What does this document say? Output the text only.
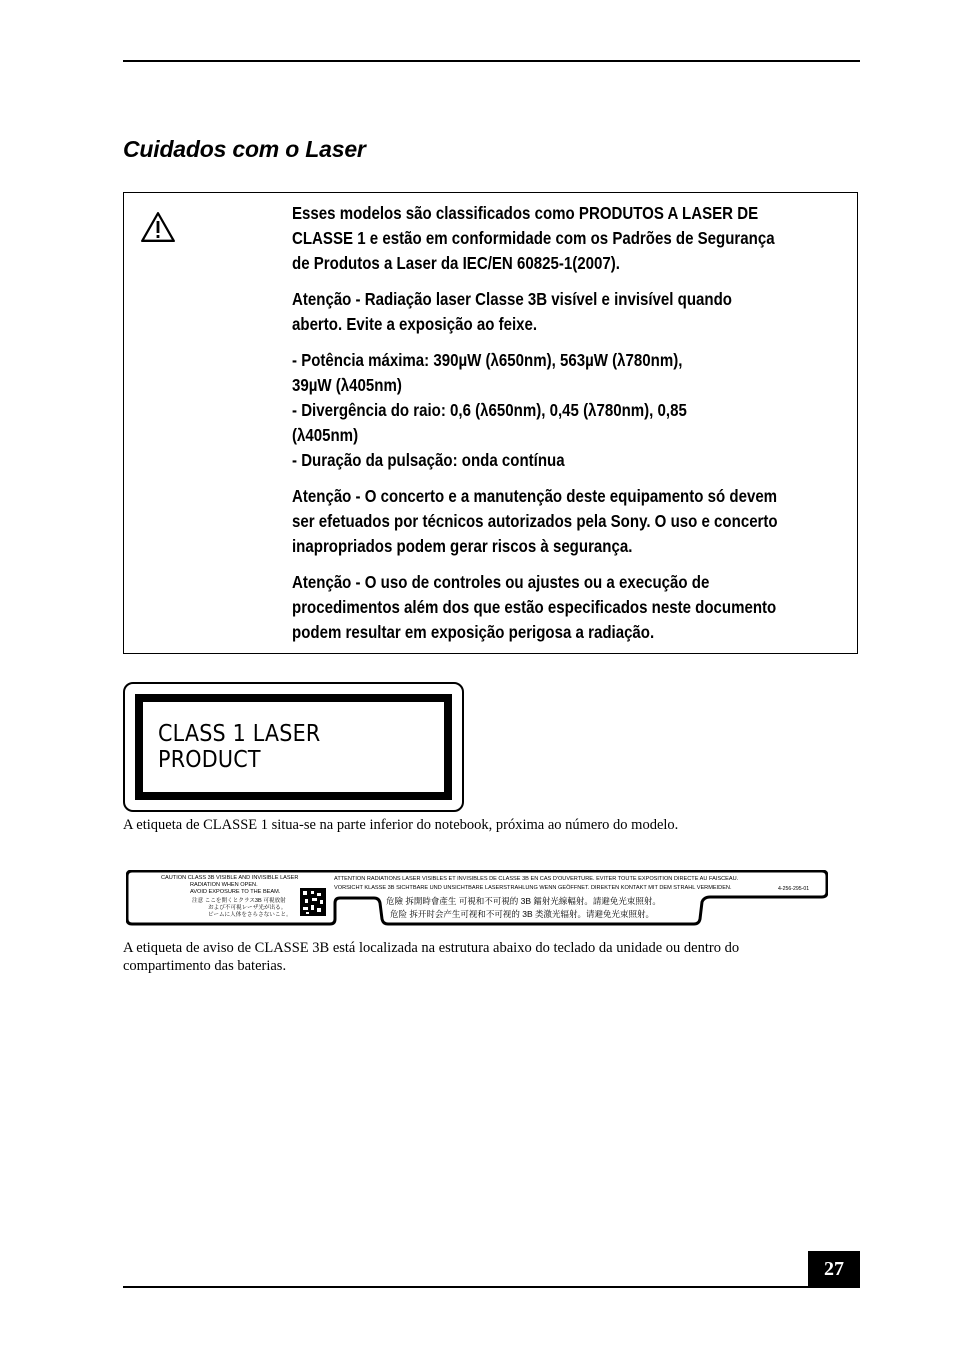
Cuidados com o Laser

Esses modelos são classificados como PRODUTOS A LASER DE
CLASSE 1 e estão em conformidade com os Padrões de Segurança
de Produtos a Laser da IEC/EN 60825-1(2007).

Atenção - Radiação laser Classe 3B visível e invisível quando
aberto. Evite a exposição ao feixe.

- Potência máxima: 390µW (λ650nm), 563µW (λ780nm),
39µW (λ405nm)
- Divergência do raio: 0,6 (λ650nm), 0,45 (λ780nm), 0,85
(λ405nm)
- Duração da pulsação: onda contínua

Atenção - O concerto e a manutenção deste equipamento só devem
ser efetuados por técnicos autorizados pela Sony. O uso e concerto
inapropriados podem gerar riscos à segurança.

Atenção - O uso de controles ou ajustes ou a execução de
procedimentos além dos que estão especificados neste documento
podem resultar em exposição perigosa a radiação.

CLASS 1 LASER PRODUCT
A etiqueta de CLASSE 1 situa-se na parte inferior do notebook, próxima ao número do modelo.
CAUTION CLASS 3B VISIBLE AND INVISIBLE LASER
RADIATION WHEN OPEN.
AVOID EXPOSURE TO THE BEAM.
注意 ここを開くとクラス3B 可視放射
および不可視レーザ光が出る。
ビームに人体をさらさないこと。
ATTENTION RADIATIONS LASER VISIBLES ET INVISIBLES DE CLASSE 3B EN CAS D'OUVERTURE. EVITER TOUTE EXPOSITION DIRECTE AU FAISCEAU.
VORSICHT KLASSE 3B SICHTBARE UND UNSICHTBARE LASERSTRAHLUNG WENN GEÖFFNET. DIREKTEN KONTAKT MIT DEM STRAHL VERMEIDEN.	4-256-295-01
危險 拆開時會產生 可視和不可視的 3B 鐳射光線輻射。請避免光束照射。
危险 拆开时会产生可视和不可视的 3B 类激光辐射。请避免光束照射。
A etiqueta de aviso de CLASSE 3B está localizada na estrutura abaixo do teclado da unidade ou dentro do
compartimento das baterias.
27
